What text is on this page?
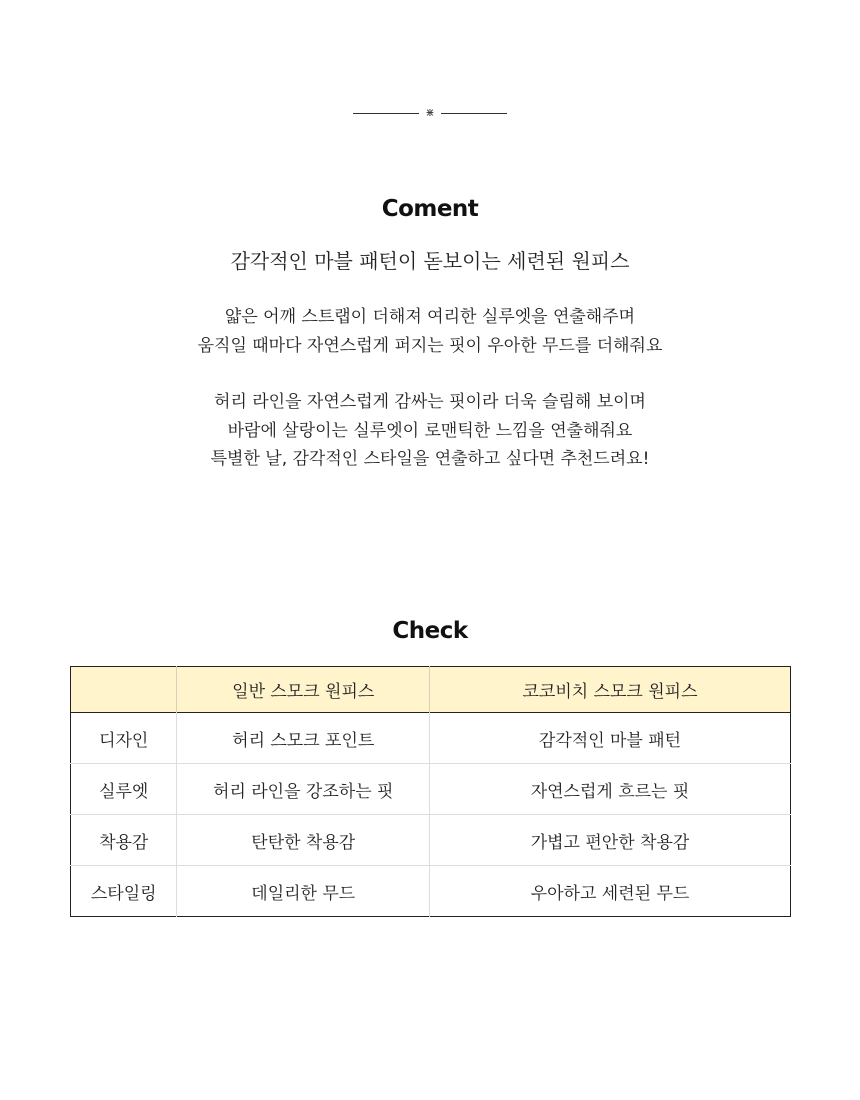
⋇
Coment

감각적인 마블 패턴이 돋보이는 세련된 원피스

얇은 어깨 스트랩이 더해져 여리한 실루엣을 연출해주며
움직일 때마다 자연스럽게 퍼지는 핏이 우아한 무드를 더해줘요

허리 라인을 자연스럽게 감싸는 핏이라 더욱 슬림해 보이며
바람에 살랑이는 실루엣이 로맨틱한 느낌을 연출해줘요
특별한 날, 감각적인 스타일을 연출하고 싶다면 추천드려요!

Check
	일반 스모크 원피스	코코비치 스모크 원피스
디자인	허리 스모크 포인트	감각적인 마블 패턴
실루엣	허리 라인을 강조하는 핏	자연스럽게 흐르는 핏
착용감	탄탄한 착용감	가볍고 편안한 착용감
스타일링	데일리한 무드	우아하고 세련된 무드
